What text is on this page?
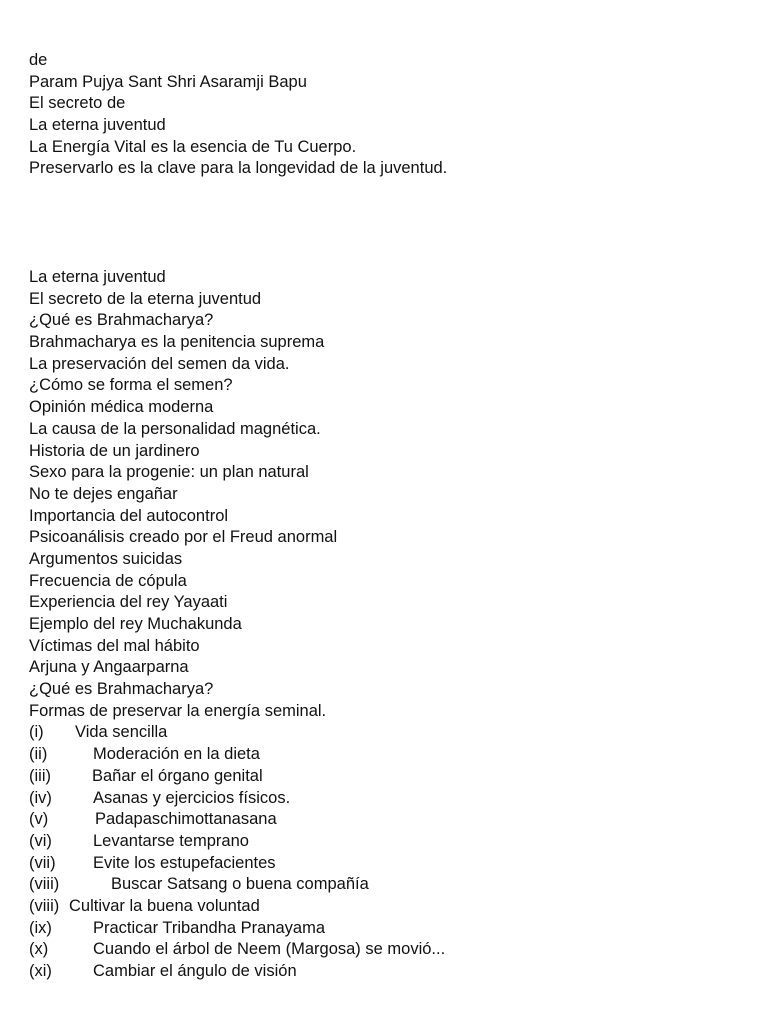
de
Param Pujya Sant Shri Asaramji Bapu
El secreto de
La eterna juventud
La Energía Vital es la esencia de Tu Cuerpo.
Preservarlo es la clave para la longevidad de la juventud.
La eterna juventud
El secreto de la eterna juventud
¿Qué es Brahmacharya?
Brahmacharya es la penitencia suprema
La preservación del semen da vida.
¿Cómo se forma el semen?
Opinión médica moderna
La causa de la personalidad magnética.
Historia de un jardinero
Sexo para la progenie: un plan natural
No te dejes engañar
Importancia del autocontrol
Psicoanálisis creado por el Freud anormal
Argumentos suicidas
Frecuencia de cópula
Experiencia del rey Yayaati
Ejemplo del rey Muchakunda
Víctimas del mal hábito
Arjuna y Angaarparna
¿Qué es Brahmacharya?
Formas de preservar la energía seminal.
(i) Vida sencilla
(ii)	Moderación en la dieta
(iii) Bañar el órgano genital
(iv) Asanas y ejercicios físicos.
(v)	Padapaschimottanasana
(vi) Levantarse temprano
(vii) Evite los estupefacientes
(viii)	Buscar Satsang o buena compañía
(viii) Cultivar la buena voluntad
(ix) Practicar Tribandha Pranayama
(x)	Cuando el árbol de Neem (Margosa) se movió...
(xi) Cambiar el ángulo de visión
